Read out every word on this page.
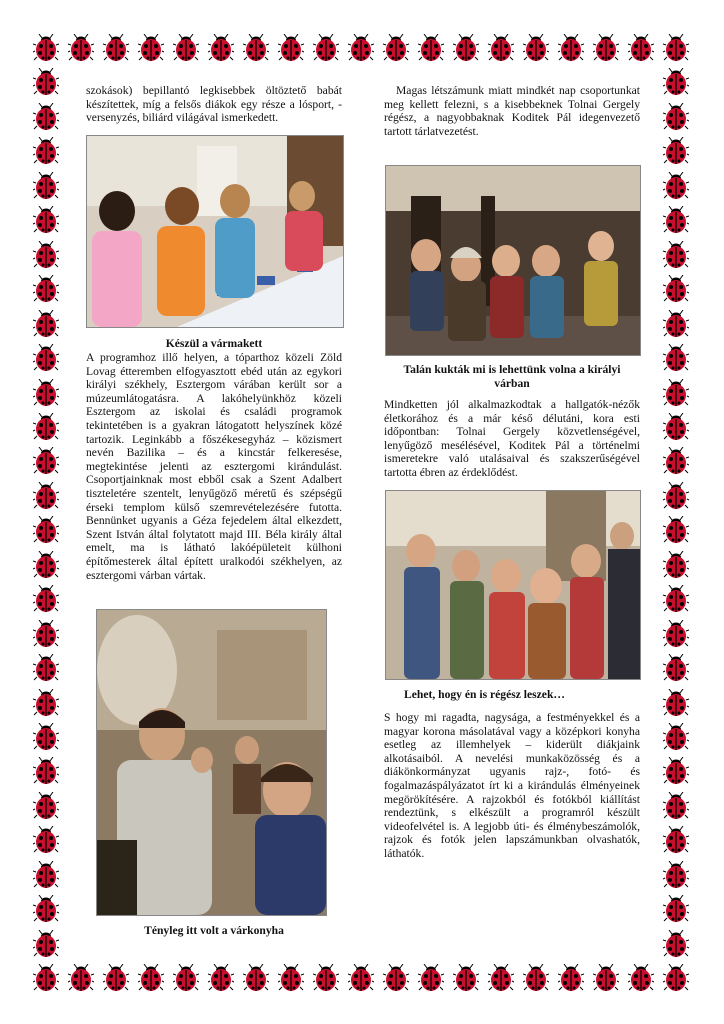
szokások) bepillantó legkisebbek öltöztető babát készítettek, míg a felsős diákok egy része a lósport, -versenyzés, biliárd világával ismerkedett.

Készül a vármakett

A programhoz illő helyen, a tóparthoz közeli Zöld Lovag étteremben elfogyasztott ebéd után az egykori királyi székhely, Esztergom várában került sor a múzeumlátogatásra. A lakóhelyünkhöz közeli Esztergom az iskolai és családi programok tekintetében is a gyakran látogatott helyszínek közé tartozik. Leginkább a főszékesegyház – közismert nevén Bazilika – és a kincstár felkeresése, megtekintése jelenti az esztergomi kirándulást. Csoportjainknak most ebből csak a Szent Adalbert tiszteletére szentelt, lenyűgöző méretű és szépségű érseki templom külső szemrevételezésére futotta. Bennünket ugyanis a Géza fejedelem által elkezdett, Szent István által folytatott majd III. Béla király által emelt, ma is látható lakóépületeit külhoni építőmesterek által épített uralkodói székhelyen, az esztergomi várban vártak.

Tényleg itt volt a várkonyha

Magas létszámunk miatt mindkét nap csoportunkat meg kellett felezni, s a kisebbeknek Tolnai Gergely régész, a nagyobbaknak Koditek Pál idegenvezető tartott tárlatvezetést.

Talán kukták mi is lehettünk volna a királyi várban

Mindketten jól alkalmazkodtak a hallgatók-nézők életkorához és a már késő délutáni, kora esti időpontban: Tolnai Gergely közvetlenségével, lenyűgöző mesélésével, Koditek Pál a történelmi ismeretekre való utalásaival és szakszerűségével tartotta ébren az érdeklődést.

Lehet, hogy én is régész leszek…

S hogy mi ragadta, nagysága, a festményekkel és a magyar korona másolatával vagy a középkori konyha esetleg az illemhelyek – kiderült diákjaink alkotásaiból. A nevelési munkaközösség és a diákönkormányzat ugyanis rajz-, fotó- és fogalmazáspályázatot írt ki a kirándulás élményeinek megörökítésére. A rajzokból és fotókból kiállítást rendeztünk, s elkészült a programról készült videofelvétel is. A legjobb úti- és élménybeszámolók, rajzok és fotók jelen lapszámunkban olvashatók, láthatók.
